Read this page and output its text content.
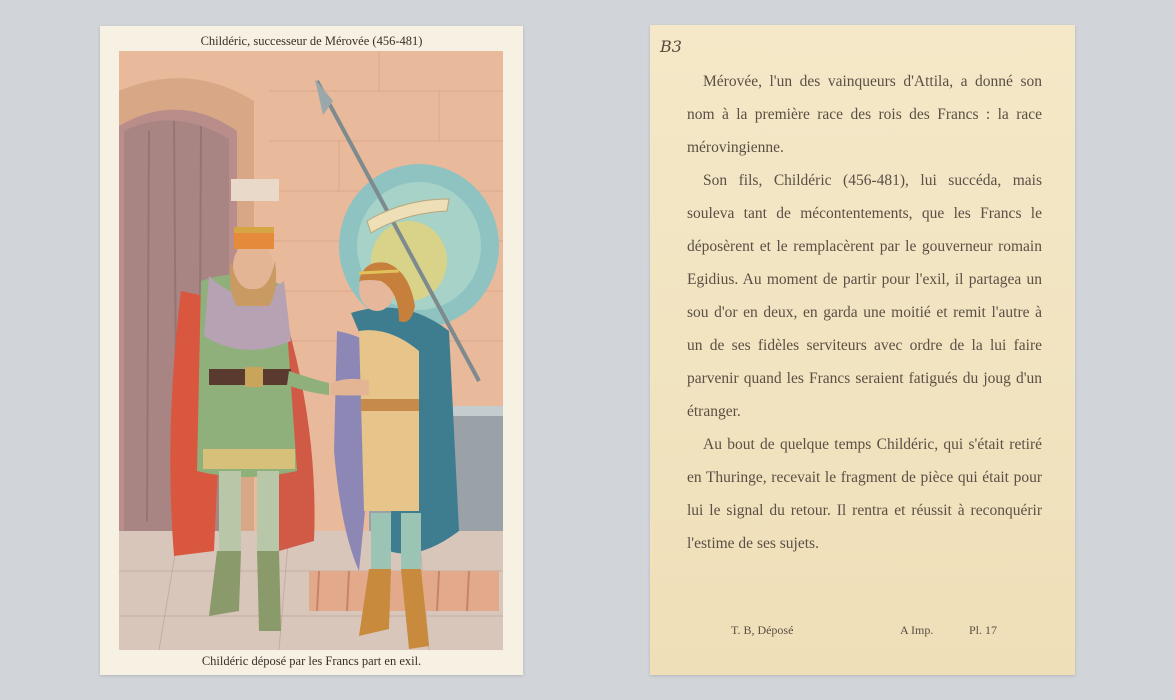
Childéric, successeur de Mérovée (456-481)
Childéric déposé par les Francs part en exil.
B3

Mérovée, l'un des vainqueurs d'Attila, a donné son nom à la première race des rois des Francs : la race mérovingienne.

Son fils, Childéric (456-481), lui succéda, mais souleva tant de mécontentements, que les Francs le déposèrent et le remplacèrent par le gouverneur romain Egidius. Au moment de partir pour l'exil, il partagea un sou d'or en deux, en garda une moitié et remit l'autre à un de ses fidèles serviteurs avec ordre de la lui faire parvenir quand les Francs seraient fatigués du joug d'un étranger.

Au bout de quelque temps Childéric, qui s'était retiré en Thuringe, recevait le fragment de pièce qui était pour lui le signal du retour. Il rentra et réussit à reconquérir l'estime de ses sujets.

T. B, Déposé	A Imp.	Pl. 17
